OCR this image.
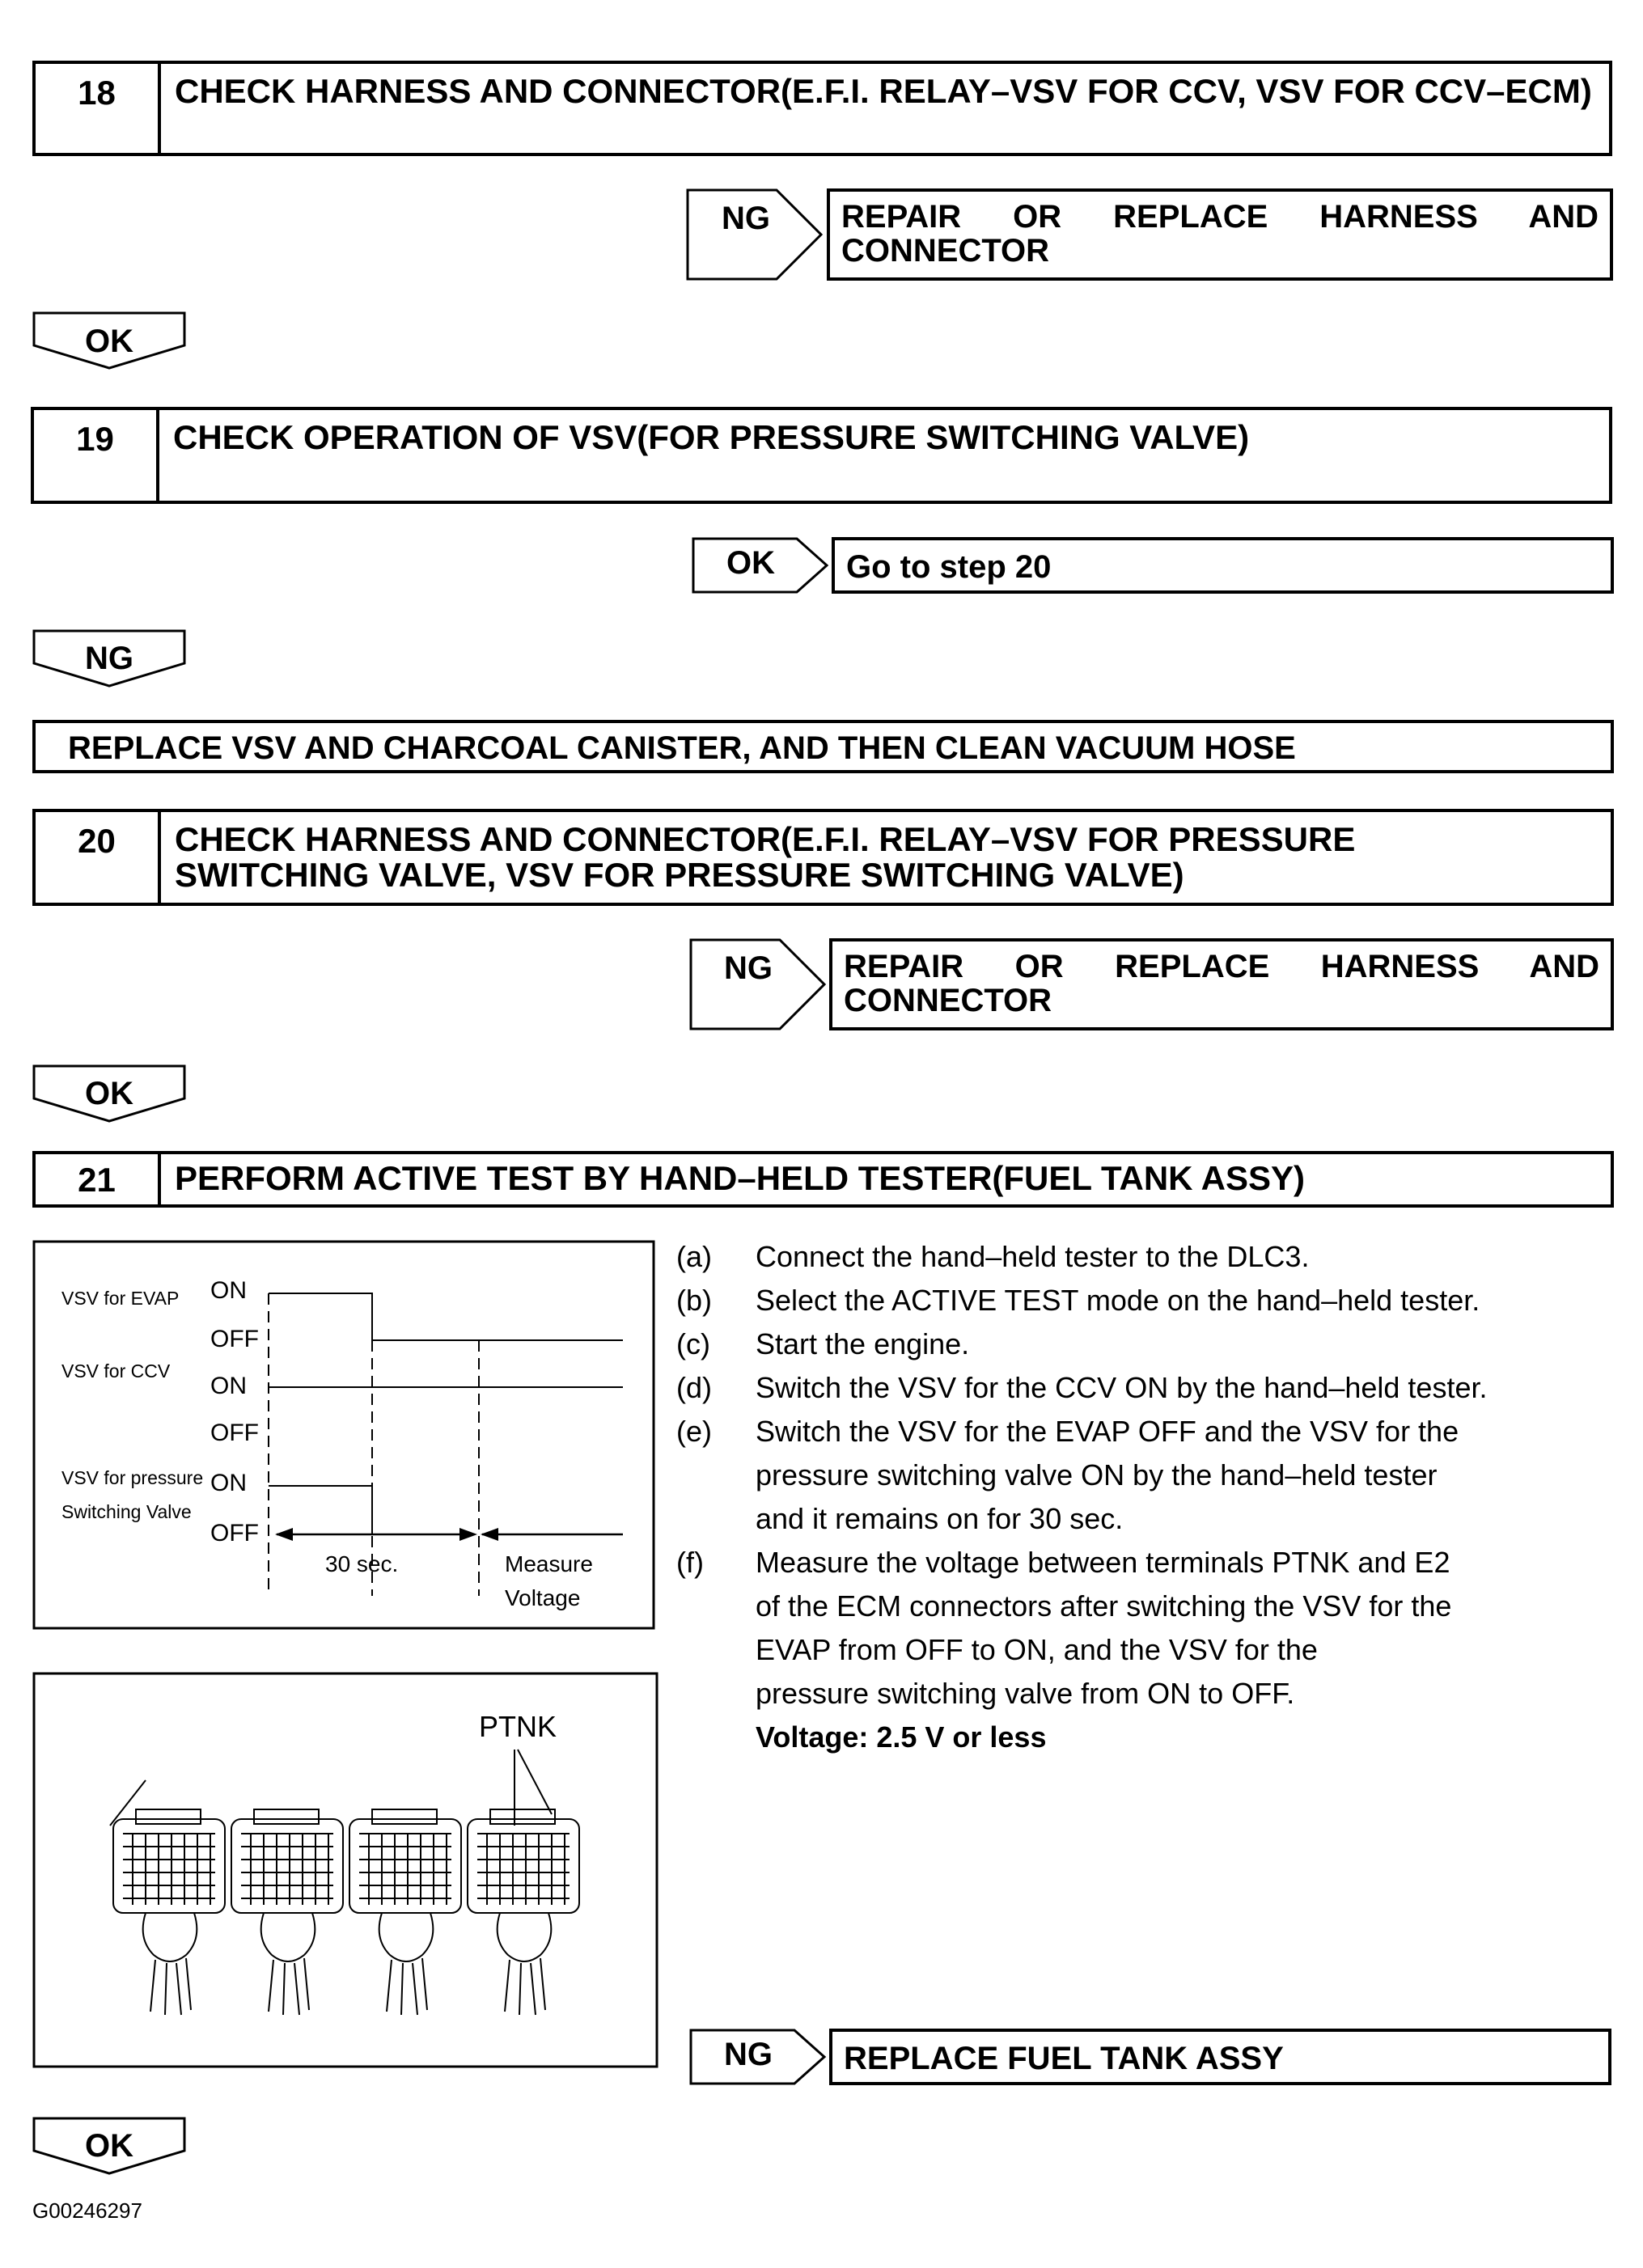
18	CHECK HARNESS AND CONNECTOR(E.F.I. RELAY–VSV FOR CCV, VSV FOR CCV–ECM)
NG REPAIR OR REPLACE HARNESS AND
CONNECTOR
OK
19	CHECK OPERATION OF VSV(FOR PRESSURE SWITCHING VALVE)
OK	Go to step 20
NG
REPLACE VSV AND CHARCOAL CANISTER, AND THEN CLEAN VACUUM HOSE
20	CHECK HARNESS AND CONNECTOR(E.F.I. RELAY–VSV FOR PRESSURE
SWITCHING VALVE, VSV FOR PRESSURE SWITCHING VALVE)
NG REPAIR OR REPLACE HARNESS AND
CONNECTOR
OK
21	PERFORM ACTIVE TEST BY HAND–HELD TESTER(FUEL TANK ASSY)
VSV for EVAP
VSV for CCV
VSV for pressure
Switching Valve
ON
OFF
ON
OFF
ON
OFF
30 sec.	Measure
Voltage
PTNK
(a)	Connect the hand–held tester to the DLC3.
(b)	Select the ACTIVE TEST mode on the hand–held tester.
(c)	Start the engine.
(d)	Switch the VSV for the CCV ON by the hand–held tester.
(e)	Switch the VSV for the EVAP OFF and the VSV for the
pressure switching valve ON by the hand–held tester
and it remains on for 30 sec.
(f)	Measure the voltage between terminals PTNK and E2
of the ECM connectors after switching the VSV for the
EVAP from OFF to ON, and the VSV for the
pressure switching valve from ON to OFF.
Voltage: 2.5 V or less
NG	REPLACE FUEL TANK ASSY
OK
G00246297
